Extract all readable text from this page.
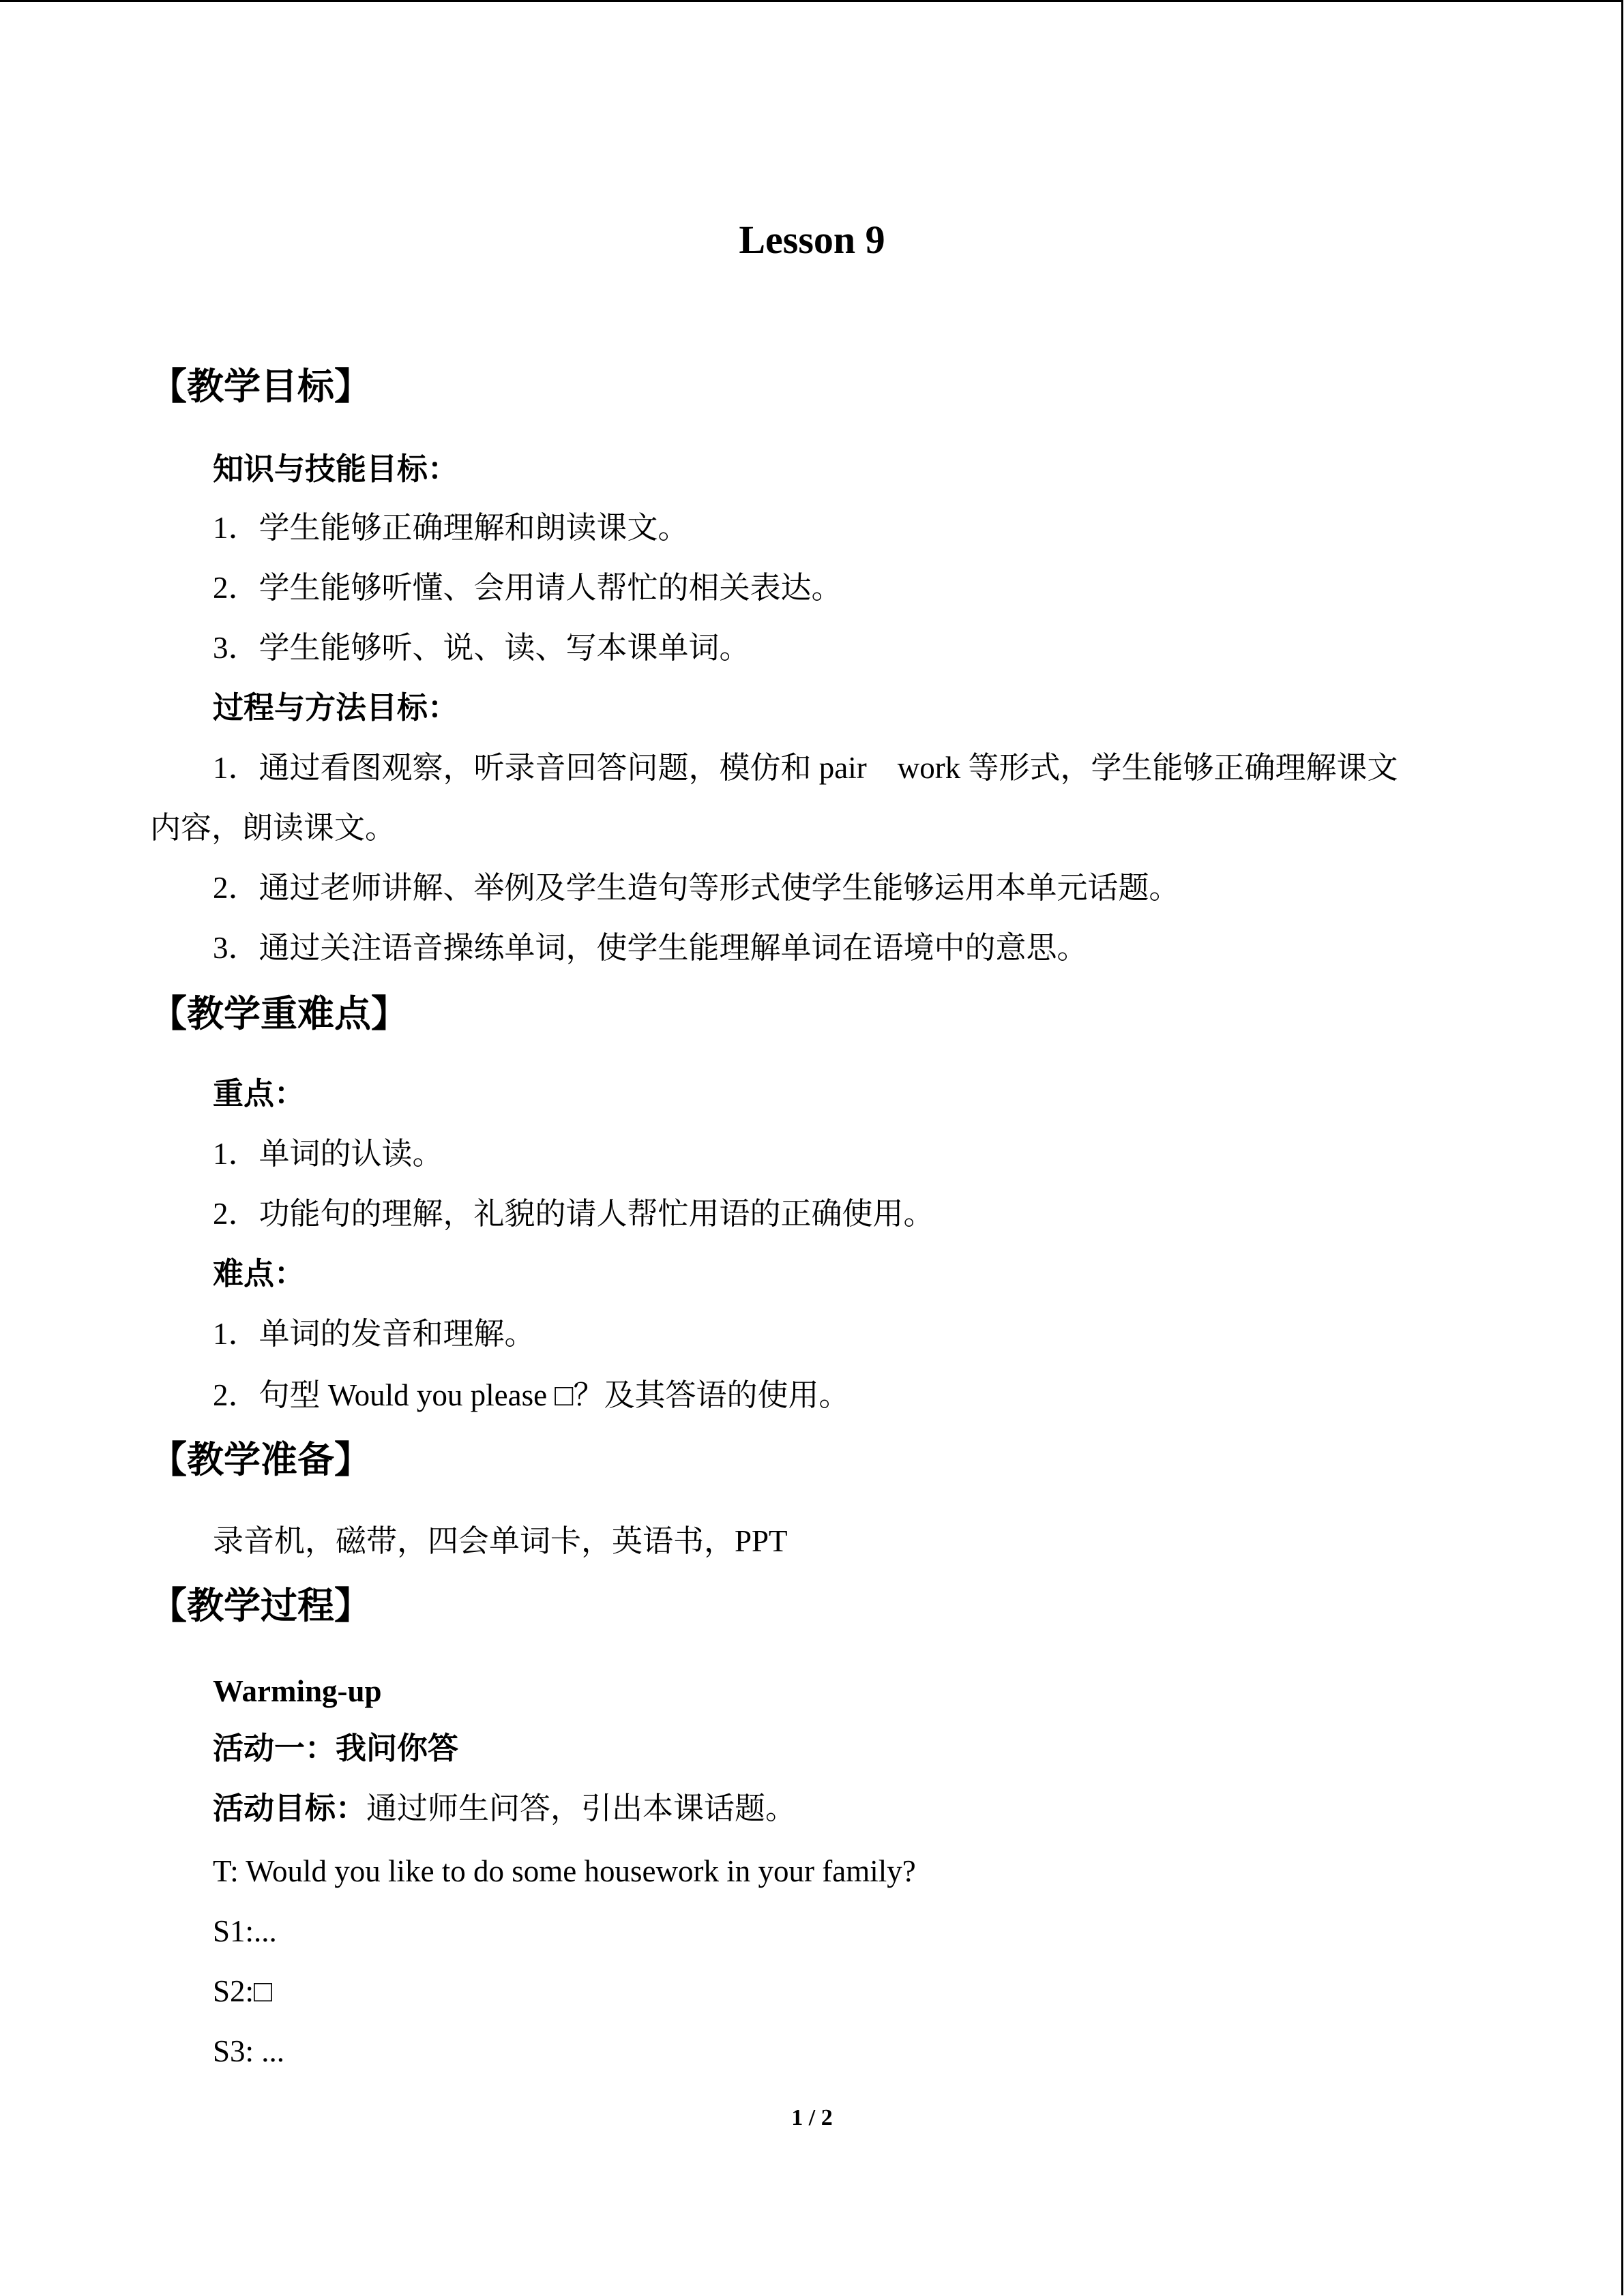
Lesson 9
【教学目标】
知识与技能目标：
1．学生能够正确理解和朗读课文。
2．学生能够听懂、会用请人帮忙的相关表达。
3．学生能够听、说、读、写本课单词。
过程与方法目标：
1．通过看图观察，听录音回答问题，模仿和 pair　work 等形式，学生能够正确理解课文
内容，朗读课文。
2．通过老师讲解、举例及学生造句等形式使学生能够运用本单元话题。
3．通过关注语音操练单词，使学生能理解单词在语境中的意思。
【教学重难点】
重点：
1．单词的认读。
2．功能句的理解，礼貌的请人帮忙用语的正确使用。
难点：
1．单词的发音和理解。
2．句型 Would you please □？及其答语的使用。
【教学准备】
录音机，磁带，四会单词卡，英语书，PPT
【教学过程】
Warming-up
活动一：我问你答
活动目标：通过师生问答，引出本课话题。
T: Would you like to do some housework in your family?
S1:...
S2:□
S3: ...
1 / 2
